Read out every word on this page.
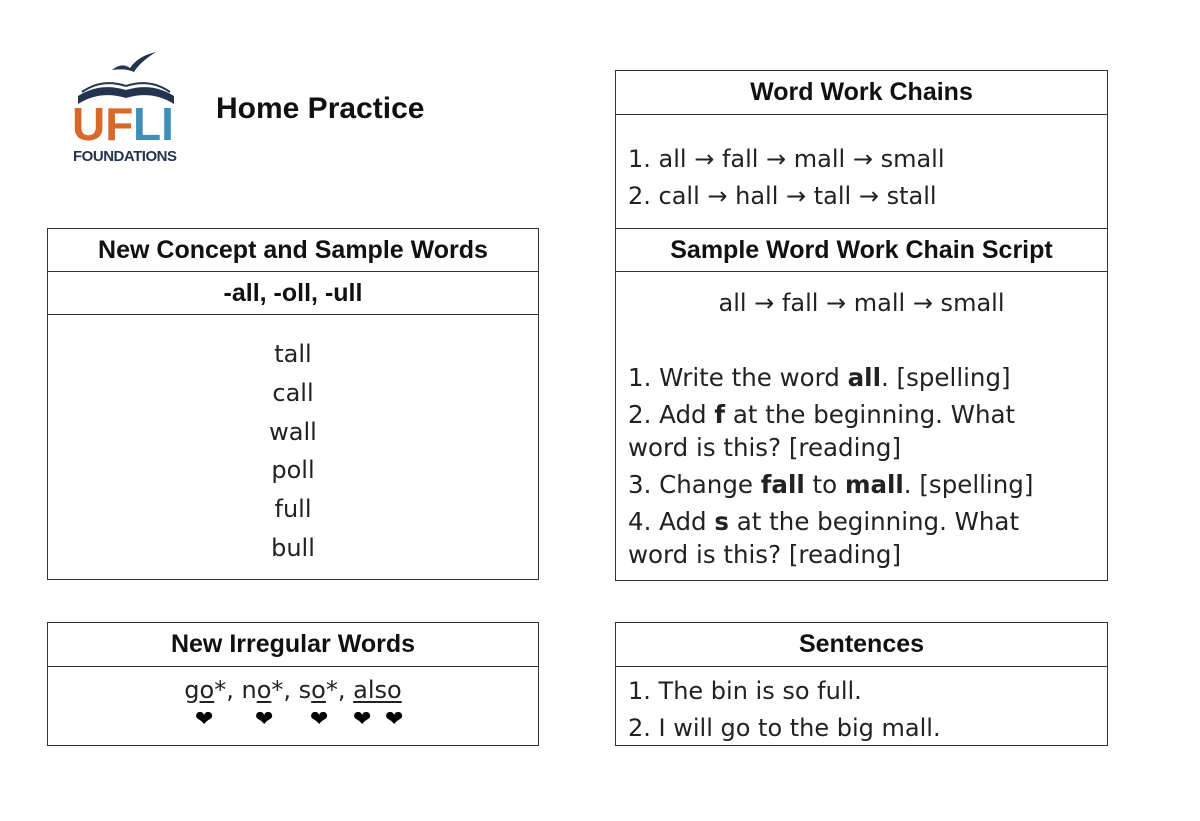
UF LI
FOUNDATIONS
Home Practice
New Concept and Sample Words
-all, -oll, -ull
tall
call
wall
poll
full
bull
New Irregular Words
go*, no*, so*, also
❤ ❤ ❤ ❤ ❤
Word Work Chains
1. all → fall → mall → small
2. call → hall → tall → stall
Sample Word Work Chain Script
all → fall → mall → small
1. Write the word all. [spelling]
2. Add f at the beginning. What
word is this? [reading]
3. Change fall to mall. [spelling]
4. Add s at the beginning. What
word is this? [reading]
Sentences
1. The bin is so full.
2. I will go to the big mall.
